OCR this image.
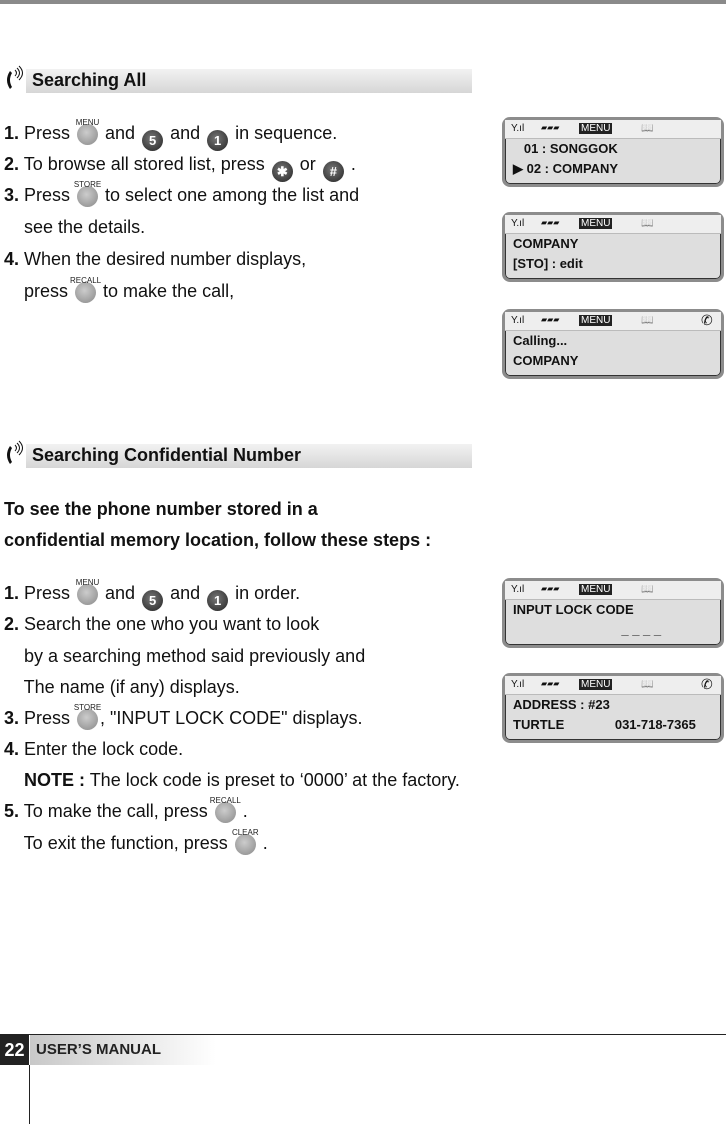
Searching All
1. Press
MENU
and 5 and 1 in sequence.
2. To browse all stored list, press ✱ or # .
3. Press
STORE
to select one among the list and
see the details.
4. When the desired number displays,
press
RECALL
to make the call,
Searching Confidential Number
To see the phone number stored in a
confidential memory location, follow these steps :
1. Press
MENU
and 5 and 1 in order.
2. Search the one who you want to look
by a searching method said previously and
The name (if any) displays.
3. Press
STORE
, "INPUT LOCK CODE" displays.
4. Enter the lock code.
NOTE : The lock code is preset to ‘0000’ at the factory.
5. To make the call, press
RECALL
.
To exit the function, press
CLEAR
.
Y.ıl ▰▰▰ MENU	📖
01 : SONGGOK
▶ 02 : COMPANY
Y.ıl ▰▰▰ MENU	📖
COMPANY
[STO] : edit
Y.ıl ▰▰▰ MENU	📖	✆
Calling...
COMPANY
Y.ıl ▰▰▰ MENU	📖
INPUT LOCK CODE
_ _ _ _
Y.ıl ▰▰▰ MENU	📖	✆
ADDRESS : #23
TURTLE              031-718-7365
22 USER’S MANUAL
